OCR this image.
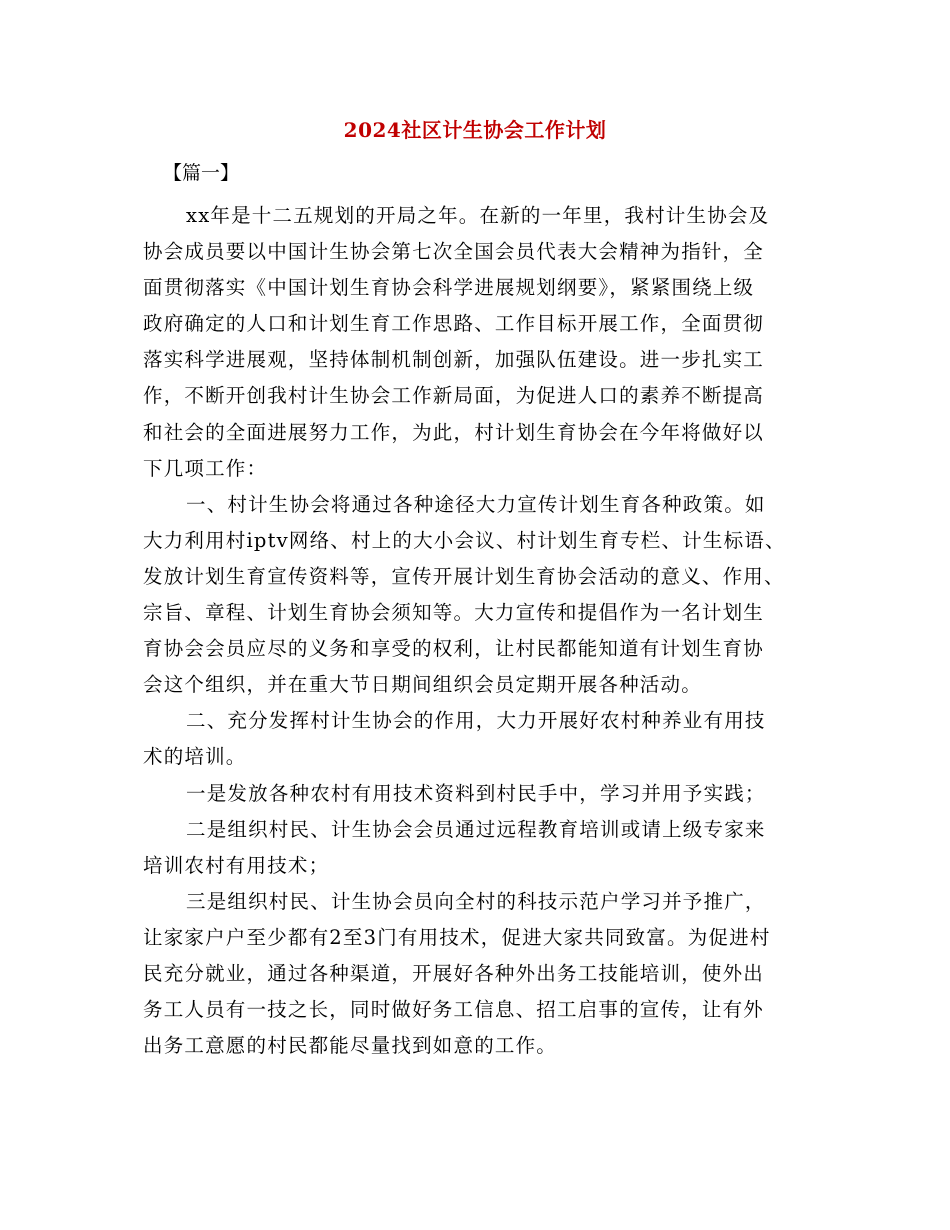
2024社区计生协会工作计划
【篇一】
xx年是十二五规划的开局之年。在新的一年里，我村计生协会及
协会成员要以中国计生协会第七次全国会员代表大会精神为指针，全
面贯彻落实《中国计划生育协会科学进展规划纲要》，紧紧围绕上级
政府确定的人口和计划生育工作思路、工作目标开展工作，全面贯彻
落实科学进展观，坚持体制机制创新，加强队伍建设。进一步扎实工
作，不断开创我村计生协会工作新局面，为促进人口的素养不断提高
和社会的全面进展努力工作，为此，村计划生育协会在今年将做好以
下几项工作：
一、村计生协会将通过各种途径大力宣传计划生育各种政策。如
大力利用村iptv网络、村上的大小会议、村计划生育专栏、计生标语、
发放计划生育宣传资料等，宣传开展计划生育协会活动的意义、作用、
宗旨、章程、计划生育协会须知等。大力宣传和提倡作为一名计划生
育协会会员应尽的义务和享受的权利，让村民都能知道有计划生育协
会这个组织，并在重大节日期间组织会员定期开展各种活动。
二、充分发挥村计生协会的作用，大力开展好农村种养业有用技
术的培训。
一是发放各种农村有用技术资料到村民手中，学习并用予实践；
二是组织村民、计生协会会员通过远程教育培训或请上级专家来
培训农村有用技术；
三是组织村民、计生协会员向全村的科技示范户学习并予推广，
让家家户户至少都有2至3门有用技术，促进大家共同致富。为促进村
民充分就业，通过各种渠道，开展好各种外出务工技能培训，使外出
务工人员有一技之长，同时做好务工信息、招工启事的宣传，让有外
出务工意愿的村民都能尽量找到如意的工作。
